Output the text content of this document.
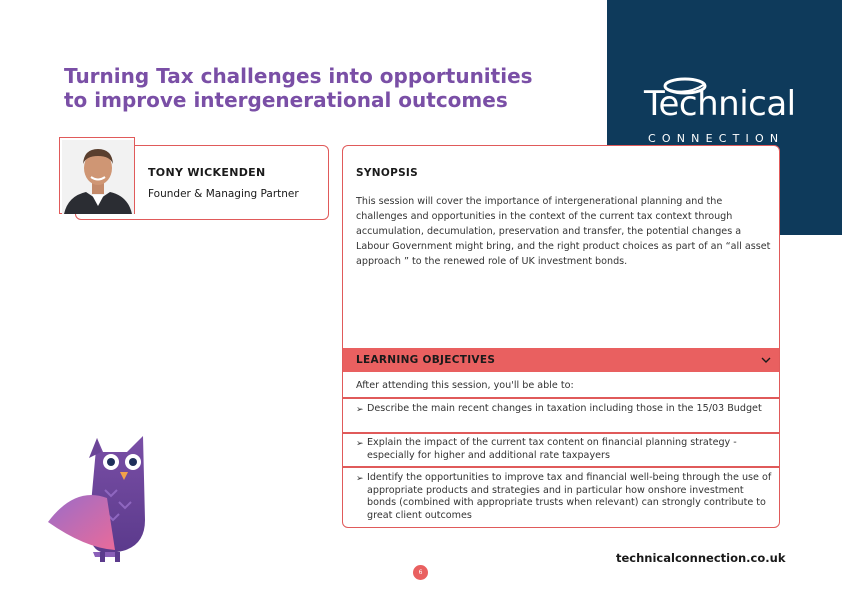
Technical
CONNECTION
Turning Tax challenges into opportunities
to improve intergenerational outcomes
TONY WICKENDEN
Founder & Managing Partner
SYNOPSIS
This session will cover the importance of intergenerational planning and the challenges and opportunities in the context of the current tax context through accumulation, decumulation, preservation and transfer, the potential changes a Labour Government might bring, and the right product choices as part of an “all asset approach ” to the renewed role of UK investment bonds.
LEARNING OBJECTIVES
After attending this session, you'll be able to:
➢ Describe the main recent changes in taxation including those in the 15/03 Budget
➢ Explain the impact of the current tax content on financial planning strategy - especially for higher and additional rate taxpayers
➢ Identify the opportunities to improve tax and financial well-being through the use of appropriate products and strategies and in particular how onshore investment bonds (combined with appropriate trusts when relevant) can strongly contribute to great client outcomes
technicalconnection.co.uk
6
